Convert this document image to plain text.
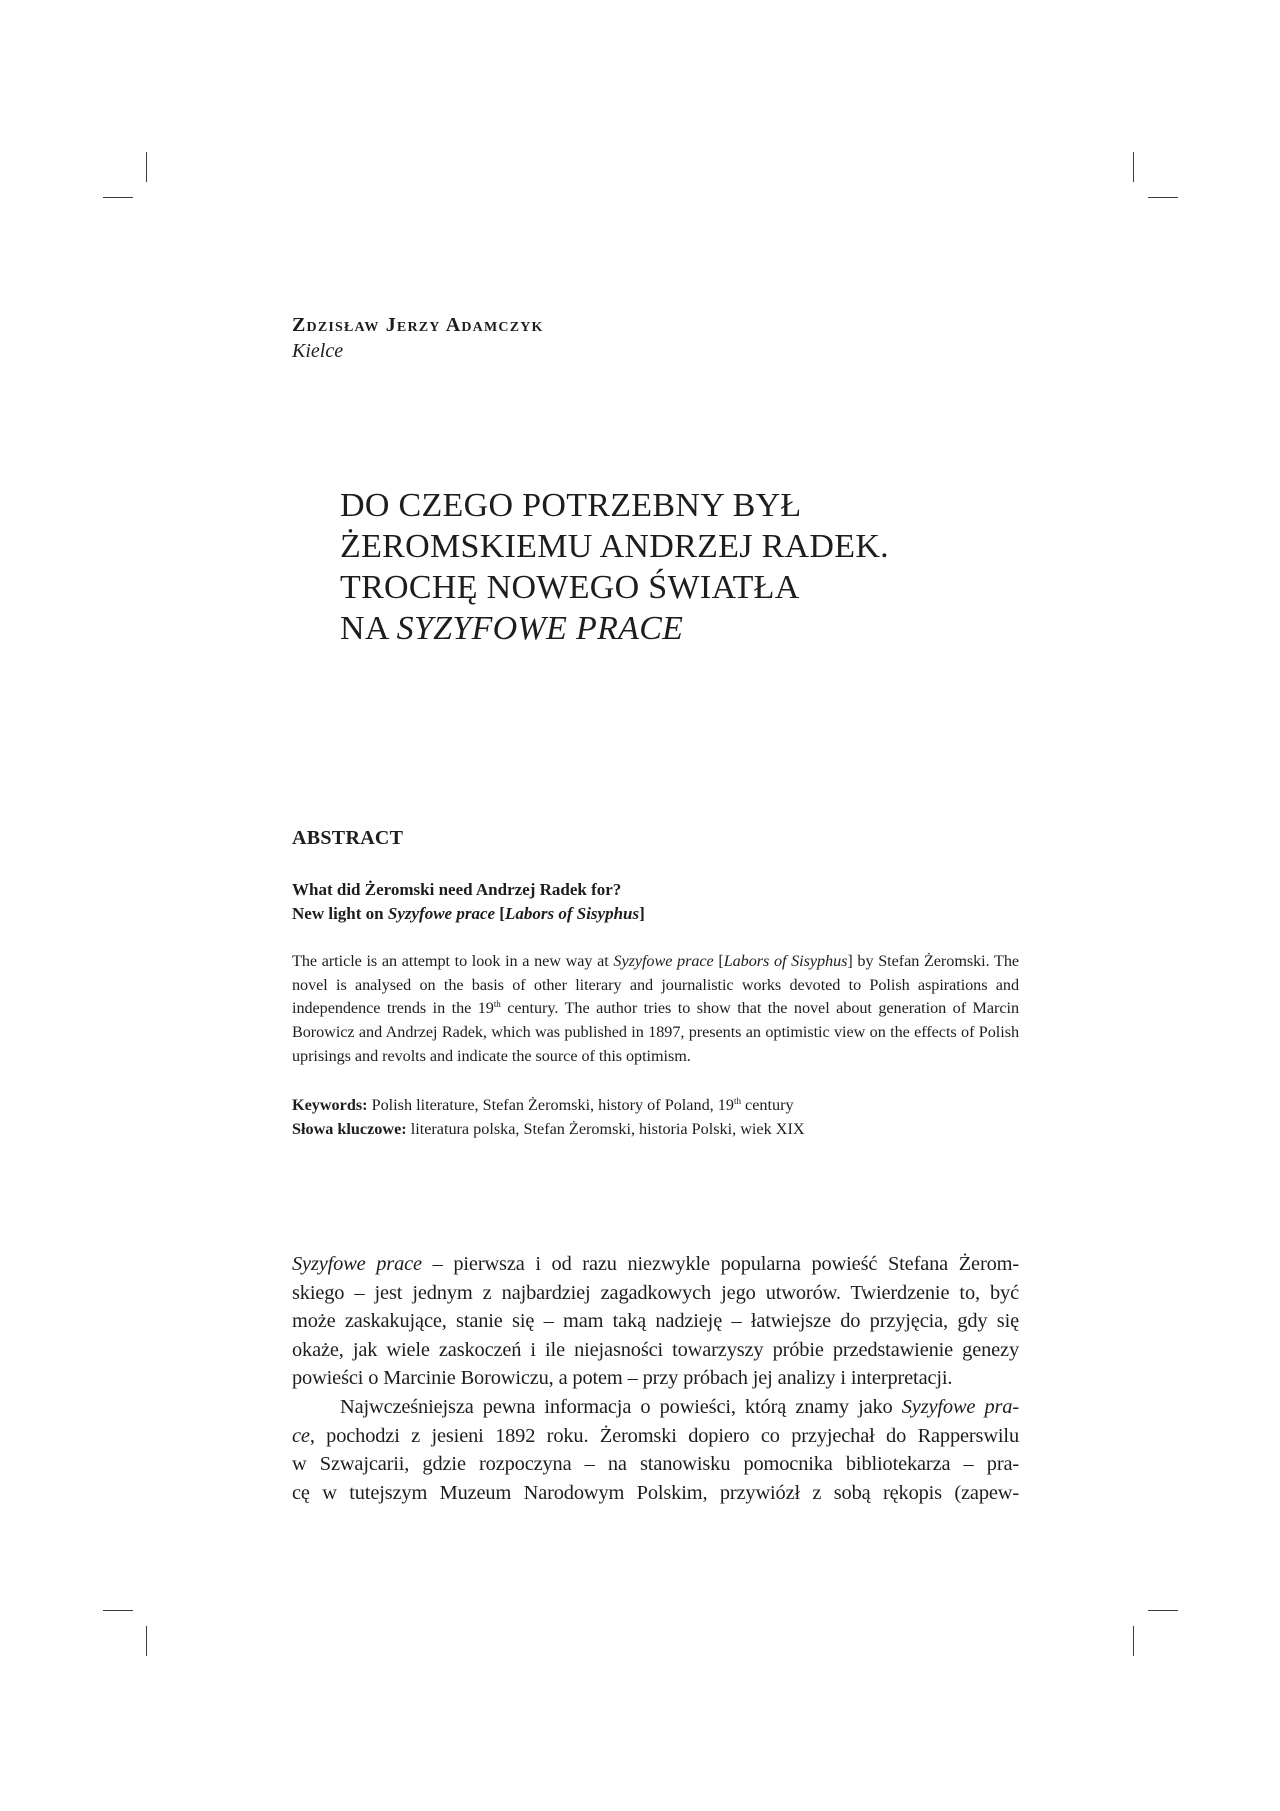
Zdzisław Jerzy Adamczyk
Kielce
DO CZEGO POTRZEBNY BYŁ
ŻEROMSKIEMU ANDRZEJ RADEK.
TROCHĘ NOWEGO ŚWIATŁA
NA SYZYFOWE PRACE
ABSTRACT

What did Żeromski need Andrzej Radek for?
New light on Syzyfowe prace [Labors of Sisyphus]

The article is an attempt to look in a new way at Syzyfowe prace [Labors of Sisyphus] by Stefan Żeromski. The novel is analysed on the basis of other literary and journalistic works devoted to Polish aspirations and independence trends in the 19th century. The author tries to show that the novel about generation of Marcin Borowicz and Andrzej Radek, which was published in 1897, presents an optimistic view on the effects of Polish uprisings and revolts and indicate the source of this optimism.

Keywords: Polish literature, Stefan Żeromski, history of Poland, 19th century
Słowa kluczowe: literatura polska, Stefan Żeromski, historia Polski, wiek XIX

Syzyfowe prace – pierwsza i od razu niezwykle popularna powieść Stefana Żerom-
skiego – jest jednym z najbardziej zagadkowych jego utworów. Twierdzenie to, być
może zaskakujące, stanie się – mam taką nadzieję – łatwiejsze do przyjęcia, gdy się
okaże, jak wiele zaskoczeń i ile niejasności towarzyszy próbie przedstawienie genezy
powieści o Marcinie Borowiczu, a potem – przy próbach jej analizy i interpretacji.

Najwcześniejsza pewna informacja o powieści, którą znamy jako Syzyfowe pra-
ce, pochodzi z jesieni 1892 roku. Żeromski dopiero co przyjechał do Rapperswilu
w Szwajcarii, gdzie rozpoczyna – na stanowisku pomocnika bibliotekarza – pra-
cę w tutejszym Muzeum Narodowym Polskim, przywiózł z sobą rękopis (zapew-
